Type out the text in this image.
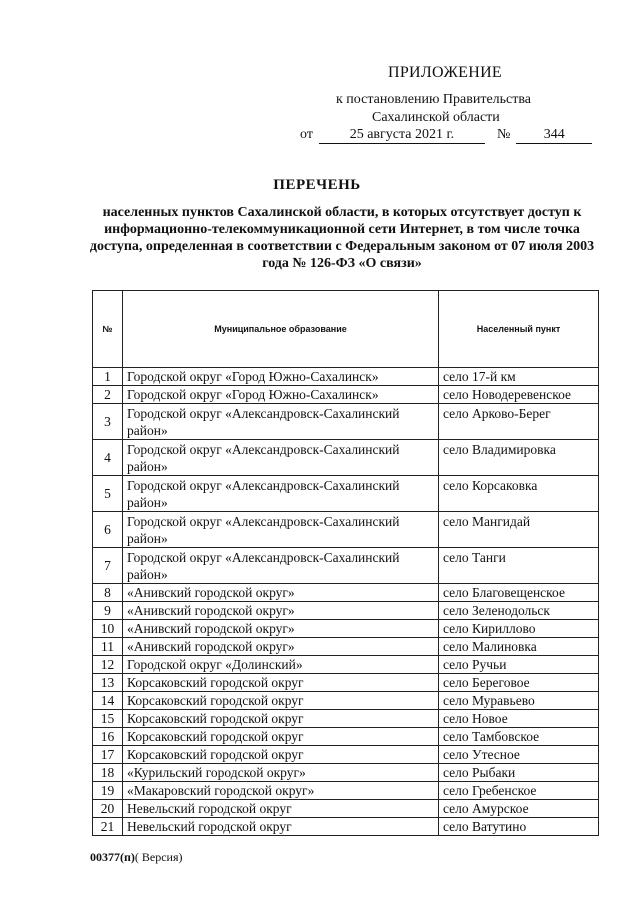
ПРИЛОЖЕНИЕ
к постановлению Правительства
Сахалинской области
от	25 августа 2021 г.	№	344
ПЕРЕЧЕНЬ
населенных пунктов Сахалинской области, в которых отсутствует доступ к информационно-телекоммуникационной сети Интернет, в том числе точка доступа, определенная в соответствии с Федеральным законом от 07 июля 2003 года № 126-ФЗ «О связи»
№	Муниципальное образование	Населенный пункт
1	Городской округ «Город Южно-Сахалинск»	село 17-й км
2	Городской округ «Город Южно-Сахалинск»	село Новодеревенское
3	Городской округ «Александровск-Сахалинский район»	село Арково-Берег
4	Городской округ «Александровск-Сахалинский район»	село Владимировка
5	Городской округ «Александровск-Сахалинский район»	село Корсаковка
6	Городской округ «Александровск-Сахалинский район»	село Мангидай
7	Городской округ «Александровск-Сахалинский район»	село Танги
8	«Анивский городской округ»	село Благовещенское
9	«Анивский городской округ»	село Зеленодольск
10	«Анивский городской округ»	село Кириллово
11	«Анивский городской округ»	село Малиновка
12	Городской округ «Долинский»	село Ручьи
13	Корсаковский городской округ	село Береговое
14	Корсаковский городской округ	село Муравьево
15	Корсаковский городской округ	село Новое
16	Корсаковский городской округ	село Тамбовское
17	Корсаковский городской округ	село Утесное
18	«Курильский городской округ»	село Рыбаки
19	«Макаровский городской округ»	село Гребенское
20	Невельский городской округ	село Амурское
21	Невельский городской округ	село Ватутино
00377(п)( Версия)
